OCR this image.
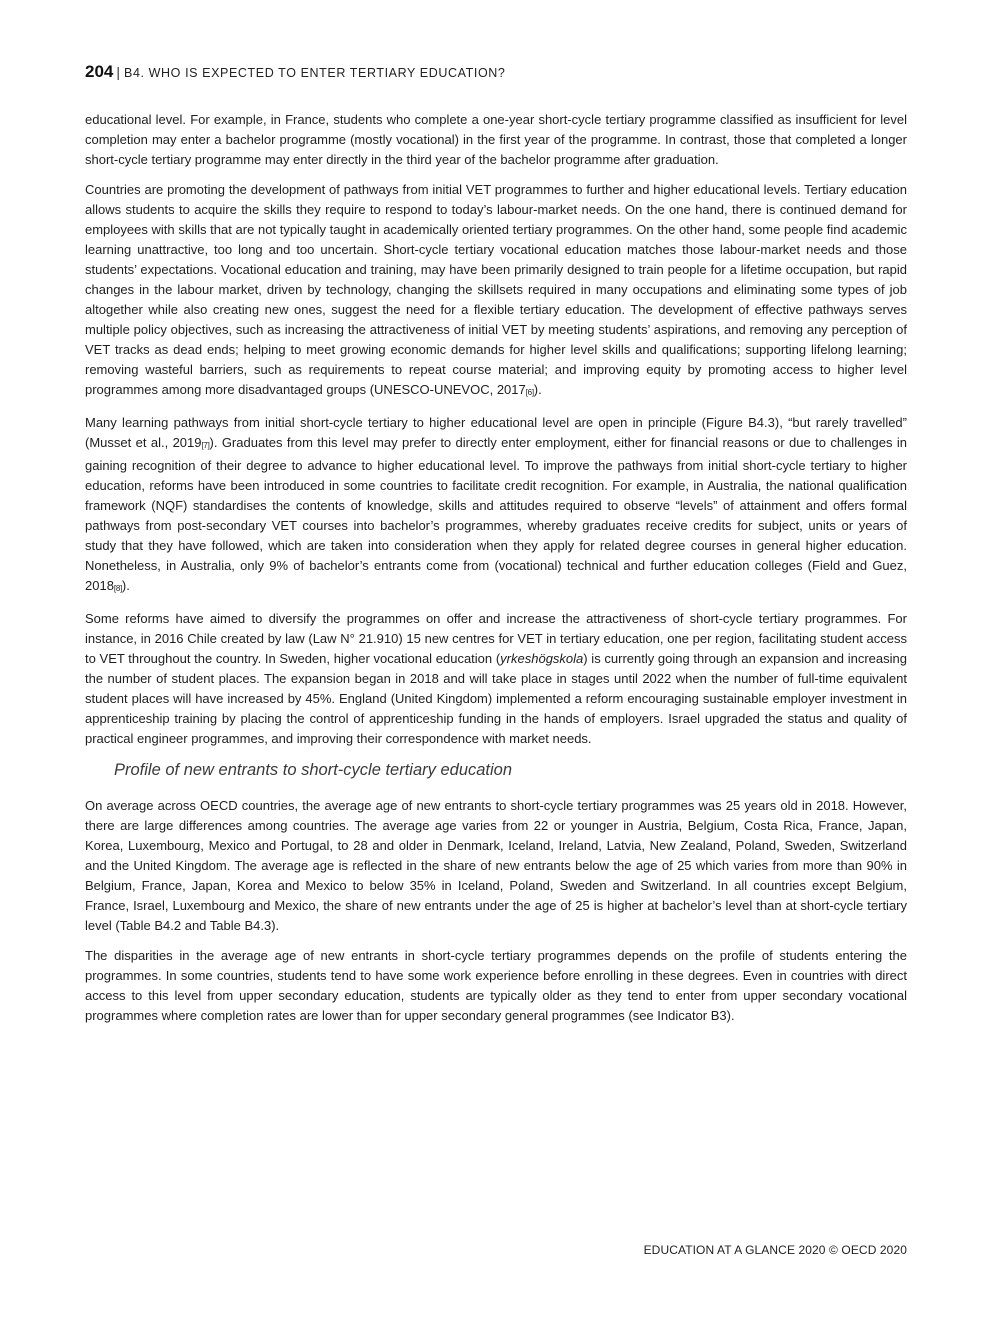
204 | B4. WHO IS EXPECTED TO ENTER TERTIARY EDUCATION?

educational level. For example, in France, students who complete a one-year short-cycle tertiary programme classified as insufficient for level completion may enter a bachelor programme (mostly vocational) in the first year of the programme. In contrast, those that completed a longer short-cycle tertiary programme may enter directly in the third year of the bachelor programme after graduation.

Countries are promoting the development of pathways from initial VET programmes to further and higher educational levels. Tertiary education allows students to acquire the skills they require to respond to today’s labour-market needs. On the one hand, there is continued demand for employees with skills that are not typically taught in academically oriented tertiary programmes. On the other hand, some people find academic learning unattractive, too long and too uncertain. Short-cycle tertiary vocational education matches those labour-market needs and those students’ expectations. Vocational education and training, may have been primarily designed to train people for a lifetime occupation, but rapid changes in the labour market, driven by technology, changing the skillsets required in many occupations and eliminating some types of job altogether while also creating new ones, suggest the need for a flexible tertiary education. The development of effective pathways serves multiple policy objectives, such as increasing the attractiveness of initial VET by meeting students’ aspirations, and removing any perception of VET tracks as dead ends; helping to meet growing economic demands for higher level skills and qualifications; supporting lifelong learning; removing wasteful barriers, such as requirements to repeat course material; and improving equity by promoting access to higher level programmes among more disadvantaged groups (UNESCO-UNEVOC, 2017[6]).

Many learning pathways from initial short-cycle tertiary to higher educational level are open in principle (Figure B4.3), “but rarely travelled” (Musset et al., 2019[7]). Graduates from this level may prefer to directly enter employment, either for financial reasons or due to challenges in gaining recognition of their degree to advance to higher educational level. To improve the pathways from initial short-cycle tertiary to higher education, reforms have been introduced in some countries to facilitate credit recognition. For example, in Australia, the national qualification framework (NQF) standardises the contents of knowledge, skills and attitudes required to observe “levels” of attainment and offers formal pathways from post-secondary VET courses into bachelor’s programmes, whereby graduates receive credits for subject, units or years of study that they have followed, which are taken into consideration when they apply for related degree courses in general higher education. Nonetheless, in Australia, only 9% of bachelor’s entrants come from (vocational) technical and further education colleges (Field and Guez, 2018[8]).

Some reforms have aimed to diversify the programmes on offer and increase the attractiveness of short-cycle tertiary programmes. For instance, in 2016 Chile created by law (Law N° 21.910) 15 new centres for VET in tertiary education, one per region, facilitating student access to VET throughout the country. In Sweden, higher vocational education (yrkeshögskola) is currently going through an expansion and increasing the number of student places. The expansion began in 2018 and will take place in stages until 2022 when the number of full-time equivalent student places will have increased by 45%. England (United Kingdom) implemented a reform encouraging sustainable employer investment in apprenticeship training by placing the control of apprenticeship funding in the hands of employers. Israel upgraded the status and quality of practical engineer programmes, and improving their correspondence with market needs.

Profile of new entrants to short-cycle tertiary education

On average across OECD countries, the average age of new entrants to short-cycle tertiary programmes was 25 years old in 2018. However, there are large differences among countries. The average age varies from 22 or younger in Austria, Belgium, Costa Rica, France, Japan, Korea, Luxembourg, Mexico and Portugal, to 28 and older in Denmark, Iceland, Ireland, Latvia, New Zealand, Poland, Sweden, Switzerland and the United Kingdom. The average age is reflected in the share of new entrants below the age of 25 which varies from more than 90% in Belgium, France, Japan, Korea and Mexico to below 35% in Iceland, Poland, Sweden and Switzerland. In all countries except Belgium, France, Israel, Luxembourg and Mexico, the share of new entrants under the age of 25 is higher at bachelor’s level than at short-cycle tertiary level (Table B4.2 and Table B4.3).

The disparities in the average age of new entrants in short-cycle tertiary programmes depends on the profile of students entering the programmes. In some countries, students tend to have some work experience before enrolling in these degrees. Even in countries with direct access to this level from upper secondary education, students are typically older as they tend to enter from upper secondary vocational programmes where completion rates are lower than for upper secondary general programmes (see Indicator B3).

EDUCATION AT A GLANCE 2020 © OECD 2020
